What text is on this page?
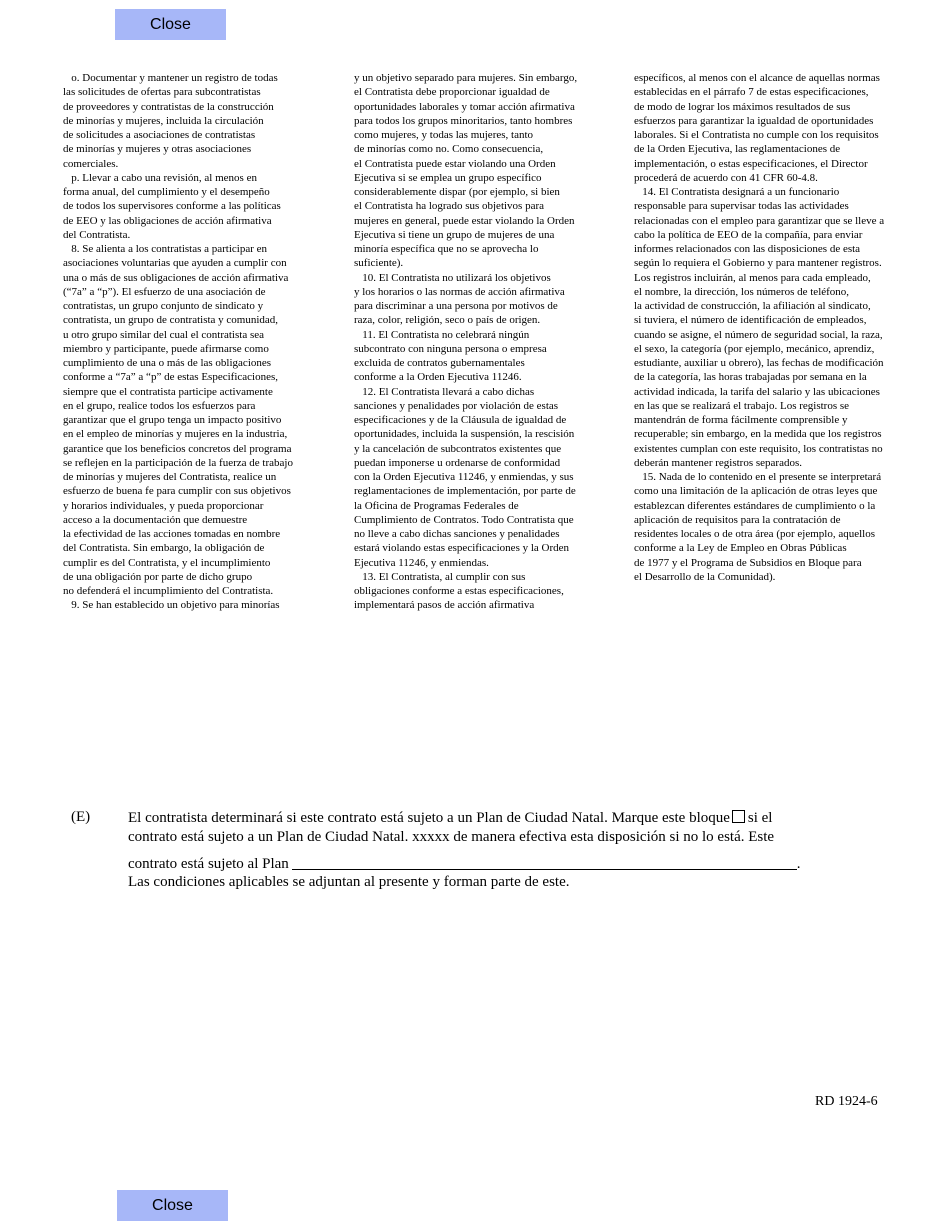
Close
o. Documentar y mantener un registro de todas
las solicitudes de ofertas para subcontratistas
de proveedores y contratistas de la construcción
de minorías y mujeres, incluida la circulación
de solicitudes a asociaciones de contratistas
de minorías y mujeres y otras asociaciones
comerciales.
p. Llevar a cabo una revisión, al menos en
forma anual, del cumplimiento y el desempeño
de todos los supervisores conforme a las políticas
de EEO y las obligaciones de acción afirmativa
del Contratista.
8. Se alienta a los contratistas a participar en
asociaciones voluntarias que ayuden a cumplir con
una o más de sus obligaciones de acción afirmativa
(“7a” a “p”). El esfuerzo de una asociación de
contratistas, un grupo conjunto de sindicato y
contratista, un grupo de contratista y comunidad,
u otro grupo similar del cual el contratista sea
miembro y participante, puede afirmarse como
cumplimiento de una o más de las obligaciones
conforme a “7a” a “p” de estas Especificaciones,
siempre que el contratista participe activamente
en el grupo, realice todos los esfuerzos para
garantizar que el grupo tenga un impacto positivo
en el empleo de minorías y mujeres en la industria,
garantice que los beneficios concretos del programa
se reflejen en la participación de la fuerza de trabajo
de minorías y mujeres del Contratista, realice un
esfuerzo de buena fe para cumplir con sus objetivos
y horarios individuales, y pueda proporcionar
acceso a la documentación que demuestre
la efectividad de las acciones tomadas en nombre
del Contratista. Sin embargo, la obligación de
cumplir es del Contratista, y el incumplimiento
de una obligación por parte de dicho grupo
no defenderá el incumplimiento del Contratista.
9. Se han establecido un objetivo para minorías
y un objetivo separado para mujeres. Sin embargo,
el Contratista debe proporcionar igualdad de
oportunidades laborales y tomar acción afirmativa
para todos los grupos minoritarios, tanto hombres
como mujeres, y todas las mujeres, tanto
de minorías como no. Como consecuencia,
el Contratista puede estar violando una Orden
Ejecutiva si se emplea un grupo específico
considerablemente dispar (por ejemplo, si bien
el Contratista ha logrado sus objetivos para
mujeres en general, puede estar violando la Orden
Ejecutiva si tiene un grupo de mujeres de una
minoría específica que no se aprovecha lo
suficiente).
10. El Contratista no utilizará los objetivos
y los horarios o las normas de acción afirmativa
para discriminar a una persona por motivos de
raza, color, religión, seco o país de origen.
11. El Contratista no celebrará ningún
subcontrato con ninguna persona o empresa
excluida de contratos gubernamentales
conforme a la Orden Ejecutiva 11246.
12. El Contratista llevará a cabo dichas
sanciones y penalidades por violación de estas
especificaciones y de la Cláusula de igualdad de
oportunidades, incluida la suspensión, la rescisión
y la cancelación de subcontratos existentes que
puedan imponerse u ordenarse de conformidad
con la Orden Ejecutiva 11246, y enmiendas, y sus
reglamentaciones de implementación, por parte de
la Oficina de Programas Federales de
Cumplimiento de Contratos. Todo Contratista que
no lleve a cabo dichas sanciones y penalidades
estará violando estas especificaciones y la Orden
Ejecutiva 11246, y enmiendas.
13. El Contratista, al cumplir con sus
obligaciones conforme a estas especificaciones,
implementará pasos de acción afirmativa
específicos, al menos con el alcance de aquellas normas
establecidas en el párrafo 7 de estas especificaciones,
de modo de lograr los máximos resultados de sus
esfuerzos para garantizar la igualdad de oportunidades
laborales. Si el Contratista no cumple con los requisitos
de la Orden Ejecutiva, las reglamentaciones de
implementación, o estas especificaciones, el Director
procederá de acuerdo con 41 CFR 60-4.8.
14. El Contratista designará a un funcionario
responsable para supervisar todas las actividades
relacionadas con el empleo para garantizar que se lleve a
cabo la política de EEO de la compañía, para enviar
informes relacionados con las disposiciones de esta
según lo requiera el Gobierno y para mantener registros.
Los registros incluirán, al menos para cada empleado,
el nombre, la dirección, los números de teléfono,
la actividad de construcción, la afiliación al sindicato,
si tuviera, el número de identificación de empleados,
cuando se asigne, el número de seguridad social, la raza,
el sexo, la categoría (por ejemplo, mecánico, aprendiz,
estudiante, auxiliar u obrero), las fechas de modificación
de la categoría, las horas trabajadas por semana en la
actividad indicada, la tarifa del salario y las ubicaciones
en las que se realizará el trabajo. Los registros se
mantendrán de forma fácilmente comprensible y
recuperable; sin embargo, en la medida que los registros
existentes cumplan con este requisito, los contratistas no
deberán mantener registros separados.
15. Nada de lo contenido en el presente se interpretará
como una limitación de la aplicación de otras leyes que
establezcan diferentes estándares de cumplimiento o la
aplicación de requisitos para la contratación de
residentes locales o de otra área (por ejemplo, aquellos
conforme a la Ley de Empleo en Obras Públicas
de 1977 y el Programa de Subsidios en Bloque para
el Desarrollo de la Comunidad).
(E)	El contratista determinará si este contrato está sujeto a un Plan de Ciudad Natal. Marque este bloque si el
contrato está sujeto a un Plan de Ciudad Natal. xxxxx de manera efectiva esta disposición si no lo está. Este
contrato está sujeto al Plan	.
Las condiciones aplicables se adjuntan al presente y forman parte de este.
RD 1924-6
Close
